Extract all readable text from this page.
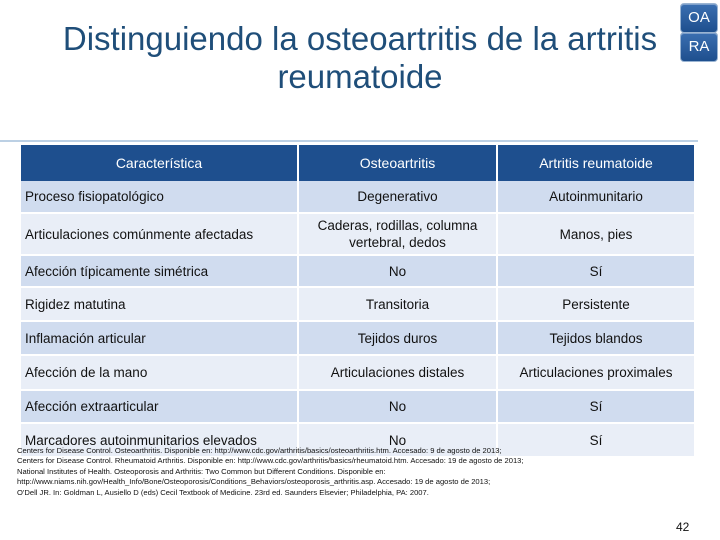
Distinguiendo la osteoartritis de la artritis reumatoide
OA
RA
Característica	Osteoartritis	Artritis reumatoide
Proceso fisiopatológico	Degenerativo	Autoinmunitario
Articulaciones comúnmente afectadas	Caderas, rodillas, columna vertebral, dedos	Manos, pies
Afección típicamente simétrica	No	Sí
Rigidez matutina	Transitoria	Persistente
Inflamación articular	Tejidos duros	Tejidos blandos
Afección de la mano	Articulaciones distales	Articulaciones proximales
Afección extraarticular	No	Sí
Marcadores autoinmunitarios elevados	No	Sí
Centers for Disease Control. Osteoarthritis. Disponible en: http://www.cdc.gov/arthritis/basics/osteoarthritis.htm. Accesado: 9 de agosto de 2013;
Centers for Disease Control. Rheumatoid Arthritis. Disponible en: http://www.cdc.gov/arthritis/basics/rheumatoid.htm. Accesado: 19 de agosto de 2013;
National Institutes of Health. Osteoporosis and Arthritis: Two Common but Different Conditions. Disponible en:
http://www.niams.nih.gov/Health_Info/Bone/Osteoporosis/Conditions_Behaviors/osteoporosis_arthritis.asp. Accesado: 19 de agosto de 2013;
O'Dell JR. In: Goldman L, Ausiello D (eds) Cecil Textbook of Medicine. 23rd ed. Saunders Elsevier; Philadelphia, PA: 2007.
42
